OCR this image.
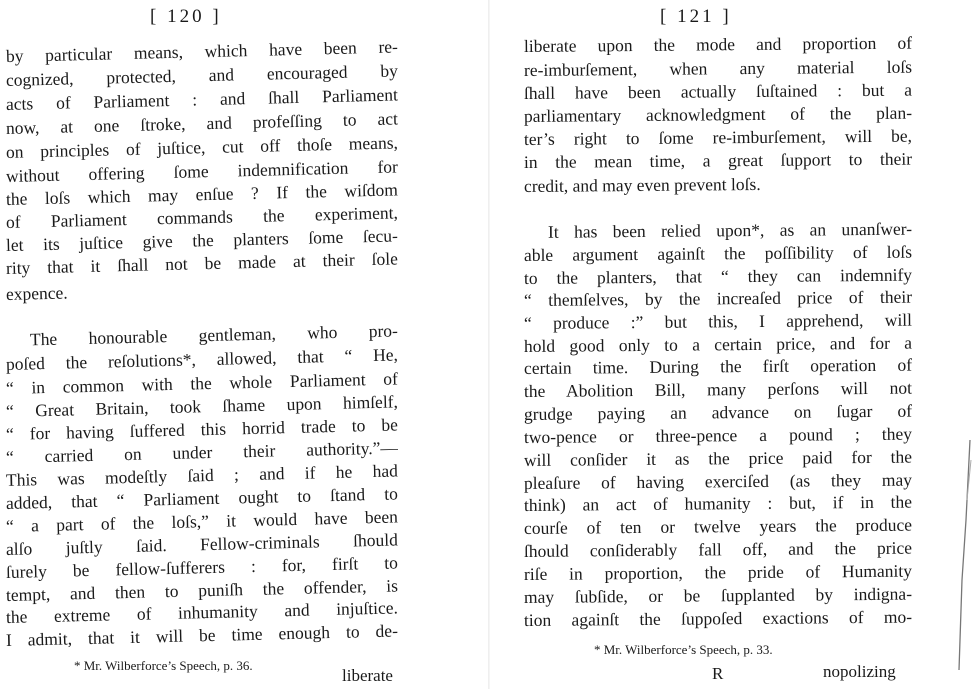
[ 120 ]
by particular means, which have been re-
cognized, protected, and encouraged by
acts of Parliament : and ſhall Parliament
now, at one ſtroke, and profeſſing to act
on principles of juſtice, cut off thoſe means,
without offering ſome indemnification for
the loſs which may enſue ? If the wiſdom
of Parliament commands the experiment,
let its juſtice give the planters ſome ſecu-
rity that it ſhall not be made at their ſole
expence.
The honourable gentleman, who pro-
poſed the reſolutions*, allowed, that “ He,
“ in common with the whole Parliament of
“ Great Britain, took ſhame upon himſelf,
“ for having ſuffered this horrid trade to be
“ carried on under their authority.”—
This was modeſtly ſaid ; and if he had
added, that “ Parliament ought to ſtand to
“ a part of the loſs,” it would have been
alſo juſtly ſaid. Fellow-criminals ſhould
ſurely be fellow-ſufferers : for, firſt to
tempt, and then to puniſh the offender, is
the extreme of inhumanity and injuſtice.
I admit, that it will be time enough to de-
* Mr. Wilberforce’s Speech, p. 36.
liberate
[ 121 ]
liberate upon the mode and proportion of
re-imburſement, when any material loſs
ſhall have been actually ſuſtained : but a
parliamentary acknowledgment of the plan-
ter’s right to ſome re-imburſement, will be,
in the mean time, a great ſupport to their
credit, and may even prevent loſs.
It has been relied upon*, as an unanſwer-
able argument againſt the poſſibility of loſs
to the planters, that “ they can indemnify
“ themſelves, by the increaſed price of their
“ produce :” but this, I apprehend, will
hold good only to a certain price, and for a
certain time. During the firſt operation of
the Abolition Bill, many perſons will not
grudge paying an advance on ſugar of
two-pence or three-pence a pound ; they
will conſider it as the price paid for the
pleaſure of having exerciſed (as they may
think) an act of humanity : but, if in the
courſe of ten or twelve years the produce
ſhould conſiderably fall off, and the price
riſe in proportion, the pride of Humanity
may ſubſide, or be ſupplanted by indigna-
tion againſt the ſuppoſed exactions of mo-
* Mr. Wilberforce’s Speech, p. 33.
R	nopolizing
